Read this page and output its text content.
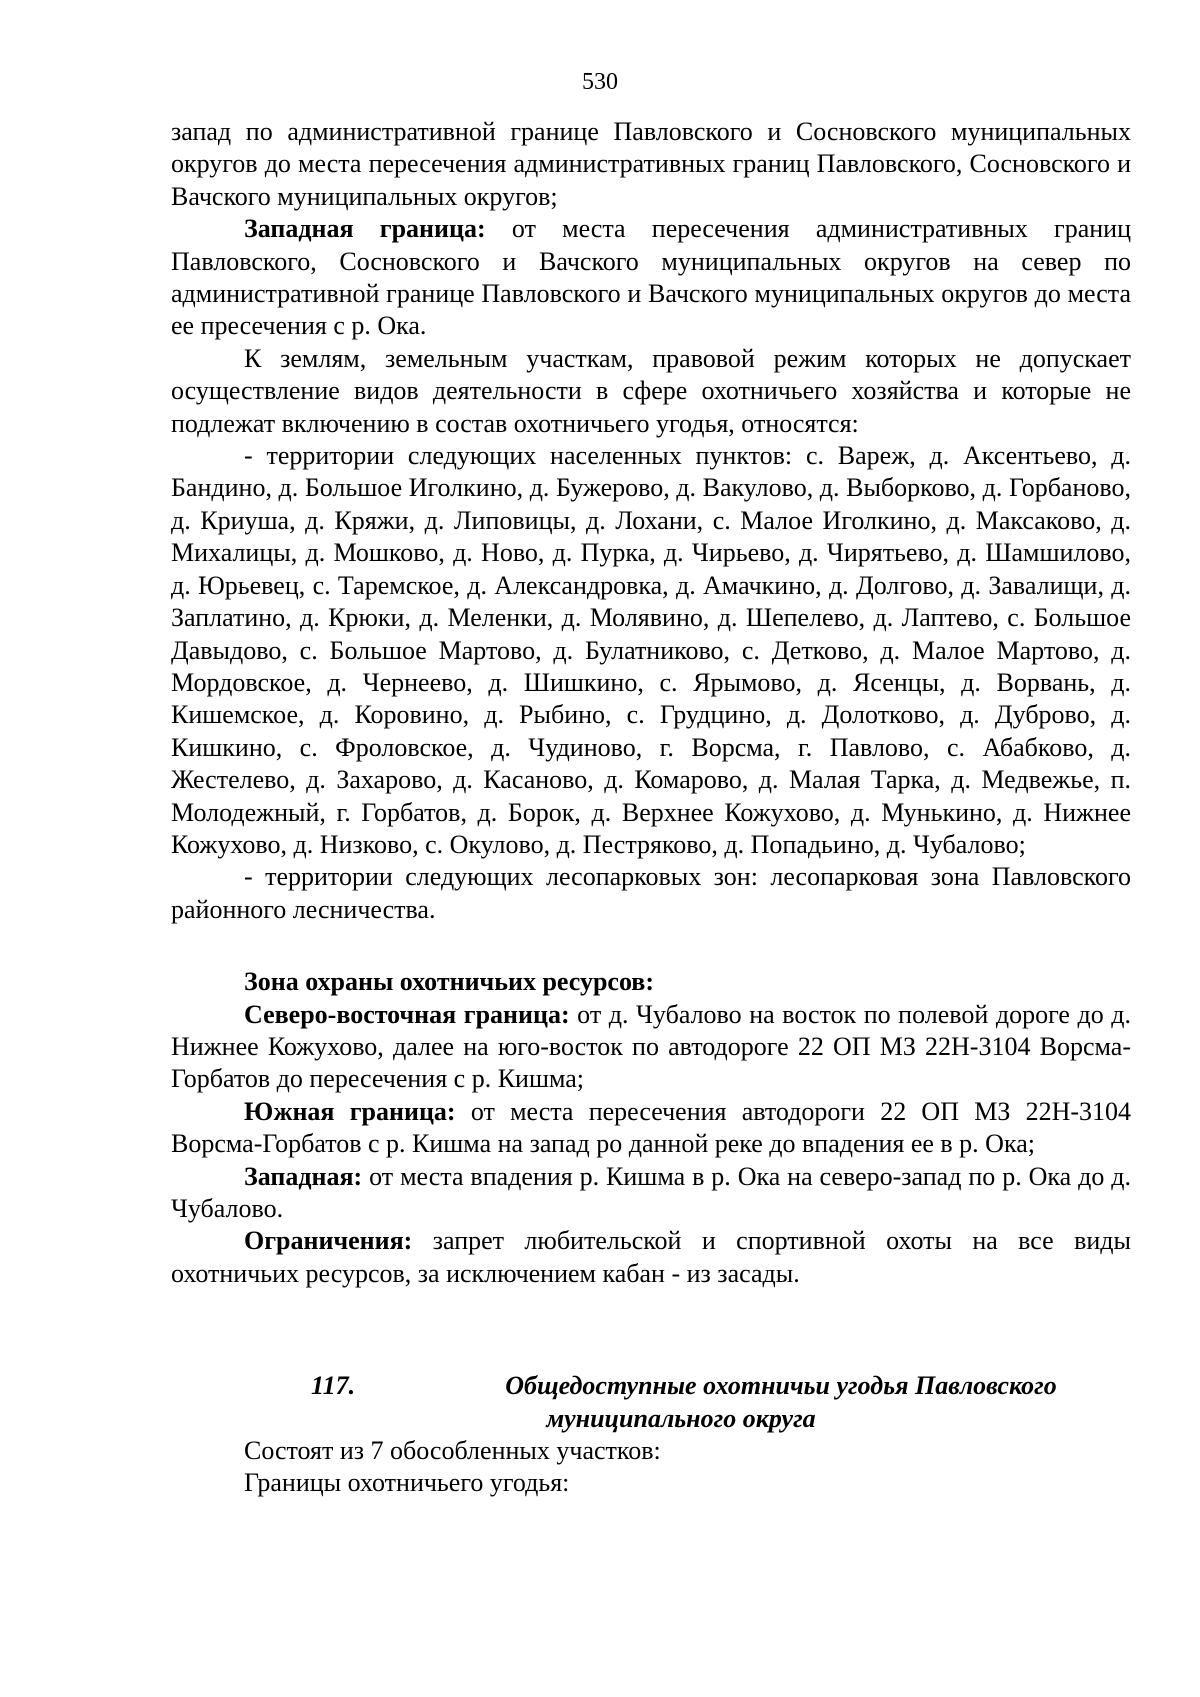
530

запад по административной границе Павловского и Сосновского муниципальных округов до места пересечения административных границ Павловского, Сосновского и Вачского муниципальных округов;

Западная граница: от места пересечения административных границ Павловского, Сосновского и Вачского муниципальных округов на север по административной границе Павловского и Вачского муниципальных округов до места ее пресечения с р. Ока.

К землям, земельным участкам, правовой режим которых не допускает осуществление видов деятельности в сфере охотничьего хозяйства и которые не подлежат включению в состав охотничьего угодья, относятся:

- территории следующих населенных пунктов: с. Вареж, д. Аксентьево, д. Бандино, д. Большое Иголкино, д. Бужерово, д. Вакулово, д. Выборково, д. Горбаново, д. Криуша, д. Кряжи, д. Липовицы, д. Лохани, с. Малое Иголкино, д. Максаково, д. Михалицы, д. Мошково, д. Ново, д. Пурка, д. Чирьево, д. Чирятьево, д. Шамшилово, д. Юрьевец, с. Таремское, д. Александровка, д. Амачкино, д. Долгово, д. Завалищи, д. Заплатино, д. Крюки, д. Меленки, д. Молявино, д. Шепелево, д. Лаптево, с. Большое Давыдово, с. Большое Мартово, д. Булатниково, с. Детково, д. Малое Мартово, д. Мордовское, д. Чернеево, д. Шишкино, с. Ярымово, д. Ясенцы, д. Ворвань, д. Кишемское, д. Коровино, д. Рыбино, с. Грудцино, д. Долотково, д. Дуброво, д. Кишкино, с. Фроловское, д. Чудиново, г. Ворсма, г. Павлово, с. Абабково, д. Жестелево, д. Захарово, д. Касаново, д. Комарово, д. Малая Тарка, д. Медвежье, п. Молодежный, г. Горбатов, д. Борок, д. Верхнее Кожухово, д. Мунькино, д. Нижнее Кожухово, д. Низково, с. Окулово, д. Пестряково, д. Попадьино, д. Чубалово;

- территории следующих лесопарковых зон: лесопарковая зона Павловского районного лесничества.

Зона охраны охотничьих ресурсов:

Северо-восточная граница: от д. Чубалово на восток по полевой дороге до д. Нижнее Кожухово, далее на юго-восток по автодороге 22 ОП МЗ 22Н-3104 Ворсма-Горбатов до пересечения с р. Кишма;

Южная граница: от места пересечения автодороги 22 ОП МЗ 22Н-3104 Ворсма-Горбатов с р. Кишма на запад ро данной реке до впадения ее в р. Ока;

Западная: от места впадения р. Кишма в р. Ока на северо-запад по р. Ока до д. Чубалово.

Ограничения: запрет любительской и спортивной охоты на все виды охотничьих ресурсов, за исключением кабан - из засады.

117.	Общедоступные охотничьи угодья Павловского
муниципального округа

Состоят из 7 обособленных участков:

Границы охотничьего угодья:
